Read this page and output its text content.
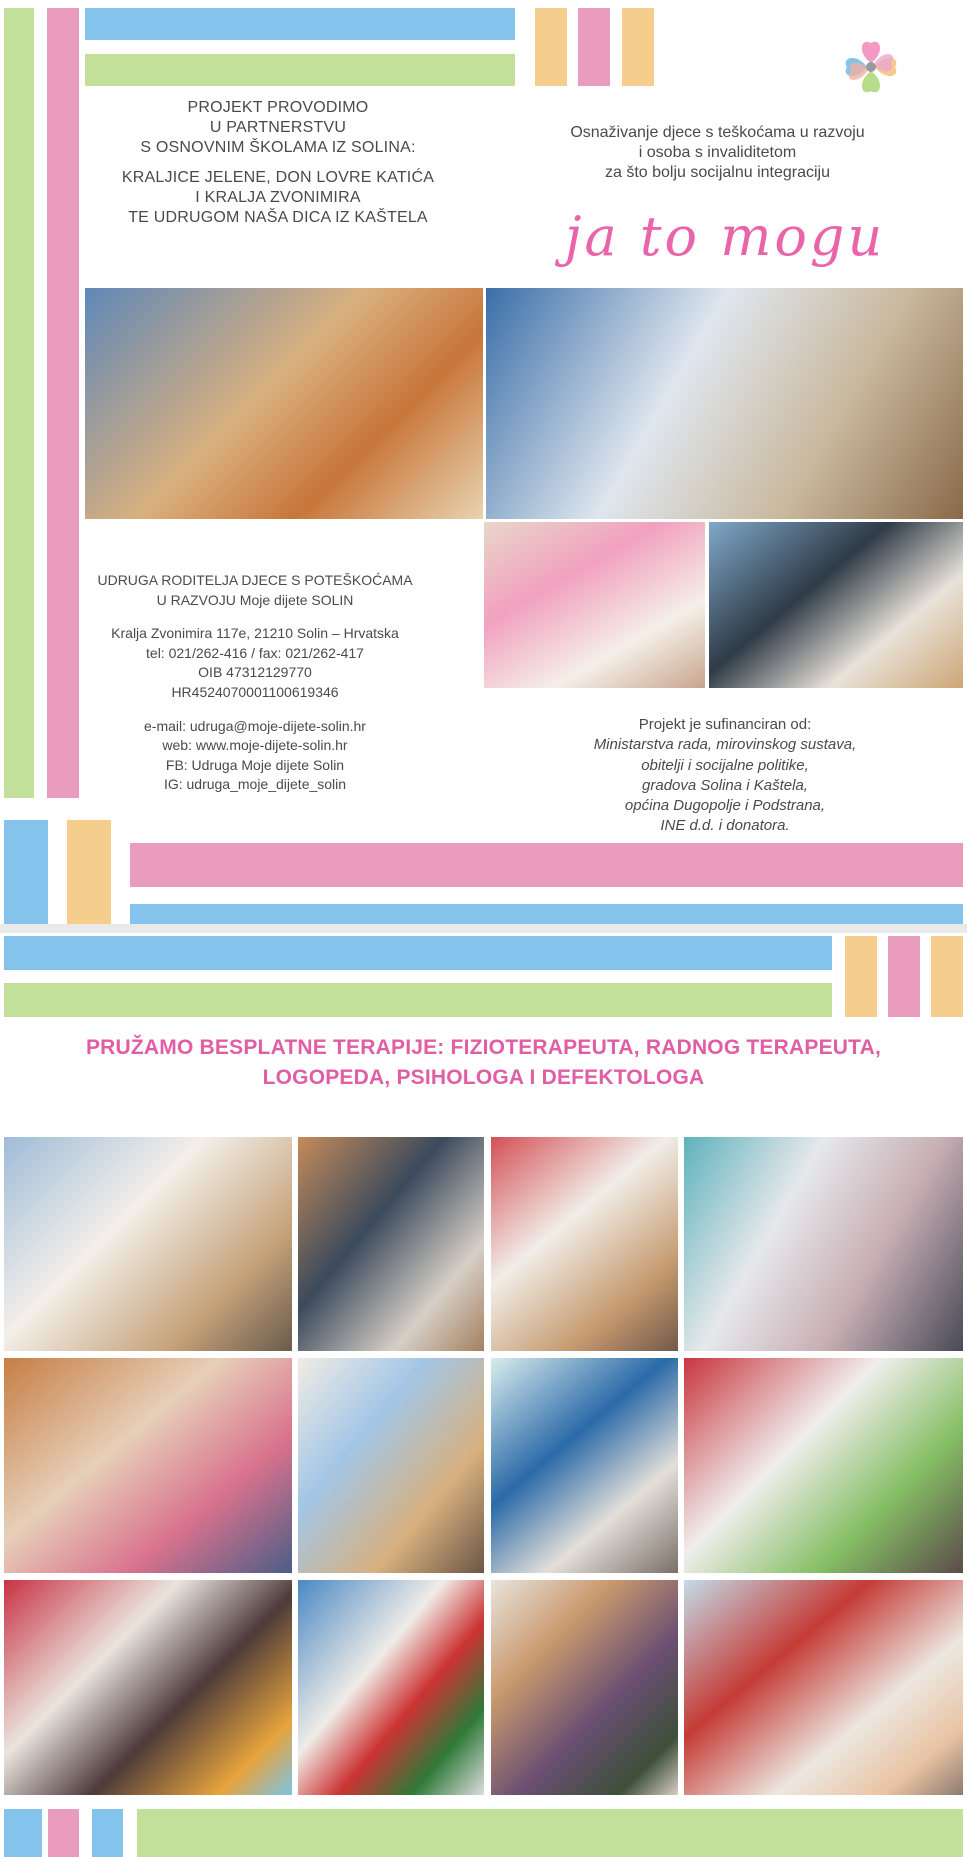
PROJEKT PROVODIMO
U PARTNERSTVU
S OSNOVNIM ŠKOLAMA IZ SOLINA:
KRALJICE JELENE, DON LOVRE KATIĆA
I KRALJA ZVONIMIRA
TE UDRUGOM NAŠA DICA IZ KAŠTELA
Osnaživanje djece s teškoćama u razvoju
i osoba s invaliditetom
za što bolju socijalnu integraciju
ja to mogu
UDRUGA RODITELJA DJECE S POTEŠKOĆAMA
U RAZVOJU Moje dijete SOLIN
Kralja Zvonimira 117e, 21210 Solin – Hrvatska
tel: 021/262-416 / fax: 021/262-417
OIB 47312129770
HR4524070001100619346
e-mail: udruga@moje-dijete-solin.hr
web: www.moje-dijete-solin.hr
FB: Udruga Moje dijete Solin
IG: udruga_moje_dijete_solin
Projekt je sufinanciran od:
Ministarstva rada, mirovinskog sustava,
obitelji i socijalne politike,
gradova Solina i Kaštela,
općina Dugopolje i Podstrana,
INE d.d. i donatora.
PRUŽAMO BESPLATNE TERAPIJE: FIZIOTERAPEUTA, RADNOG TERAPEUTA,
LOGOPEDA, PSIHOLOGA I DEFEKTOLOGA
